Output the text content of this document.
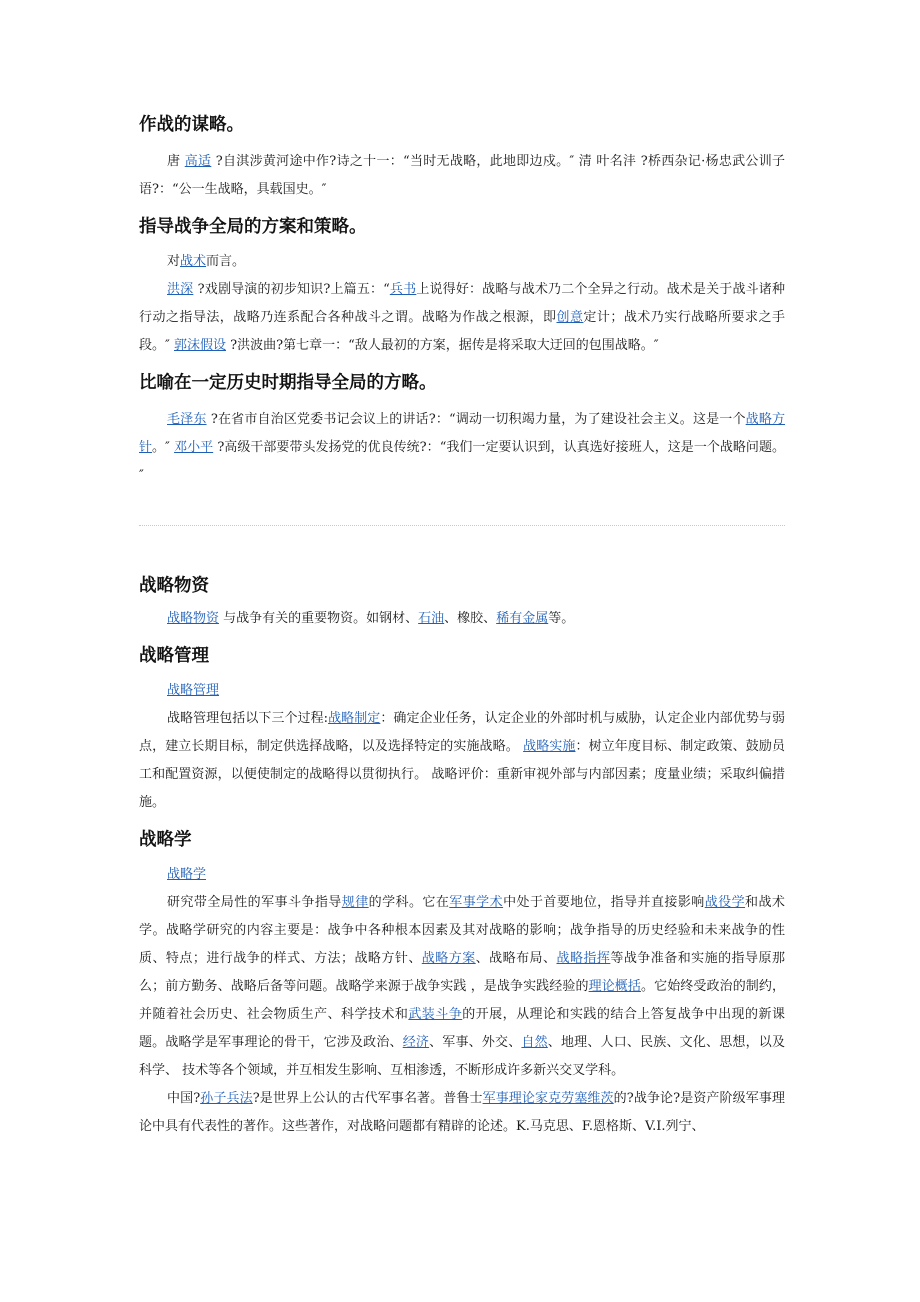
作战的谋略。

唐 高适 ?自淇涉黄河途中作?诗之十一：“当时无战略，此地即边戍。″ 清 叶名沣 ?桥西杂记·杨忠武公训子语?：“公一生战略，具载国史。″

指导战争全局的方案和策略。

对战术而言。

洪深 ?戏剧导演的初步知识?上篇五：“兵书上说得好：战略与战术乃二个全异之行动。战术是关于战斗诸种行动之指导法，战略乃连系配合各种战斗之谓。战略为作战之根源，即创意定计；战术乃实行战略所要求之手段。″ 郭沫假设 ?洪波曲?第七章一：“敌人最初的方案，据传是将采取大迂回的包围战略。″

比喻在一定历史时期指导全局的方略。

毛泽东 ?在省市自治区党委书记会议上的讲话?：“调动一切积竭力量，为了建设社会主义。这是一个战略方针。″ 邓小平 ?高级干部要带头发扬党的优良传统?：“我们一定要认识到，认真选好接班人，这是一个战略问题。″

战略物资

战略物资 与战争有关的重要物资。如钢材、石油、橡胶、稀有金属等。

战略管理

战略管理

战略管理包括以下三个过程:战略制定：确定企业任务，认定企业的外部时机与威胁，认定企业内部优势与弱点，建立长期目标，制定供选择战略，以及选择特定的实施战略。 战略实施：树立年度目标、制定政策、鼓励员工和配置资源，以便使制定的战略得以贯彻执行。 战略评价：重新审视外部与内部因素；度量业绩；采取纠偏措施。

战略学

战略学

研究带全局性的军事斗争指导规律的学科。它在军事学术中处于首要地位，指导并直接影响战役学和战术学。战略学研究的内容主要是：战争中各种根本因素及其对战略的影响；战争指导的历史经验和未来战争的性质、特点；进行战争的样式、方法；战略方针、战略方案、战略布局、战略指挥等战争准备和实施的指导原那么；前方勤务、战略后备等问题。战略学来源于战争实践 ，是战争实践经验的理论概括。它始终受政治的制约，并随着社会历史、社会物质生产、科学技术和武装斗争的开展，从理论和实践的结合上答复战争中出现的新课题。战略学是军事理论的骨干，它涉及政治、经济、军事、外交、自然、地理、人口、民族、文化、思想，以及科学、 技术等各个领域，并互相发生影响、互相渗透，不断形成许多新兴交叉学科。

中国?孙子兵法?是世界上公认的古代军事名著。普鲁士军事理论家克劳塞维茨的?战争论?是资产阶级军事理论中具有代表性的著作。这些著作，对战略问题都有精辟的论述。K.马克思、F.恩格斯、V.I.列宁、
